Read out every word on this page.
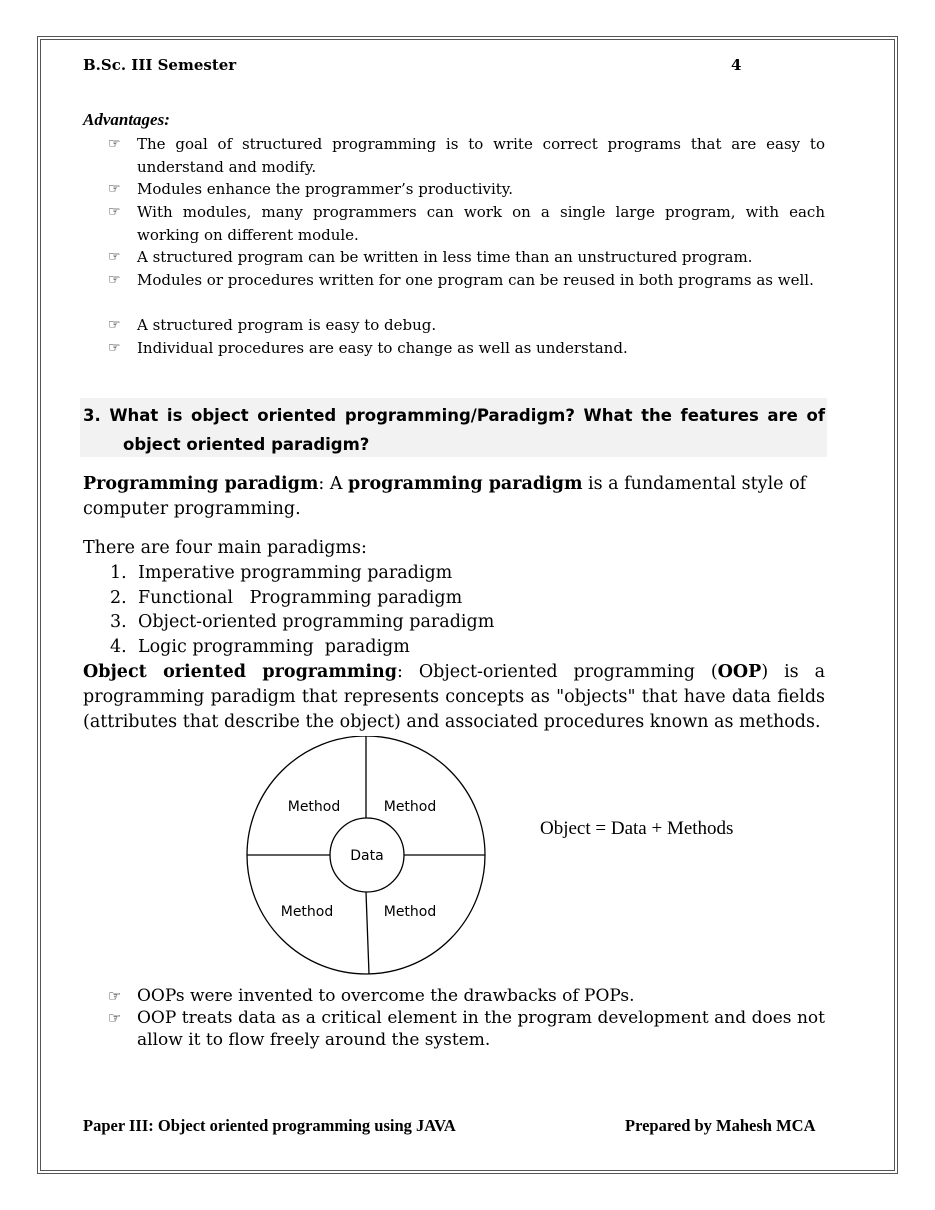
B.Sc. III Semester	4
Advantages:
☞ The goal of structured programming is to write correct programs that are easy to understand and modify.
☞ Modules enhance the programmer’s productivity.
☞ With modules, many programmers can work on a single large program, with each working on different module.
☞ A structured program can be written in less time than an unstructured program.
☞ Modules or procedures written for one program can be reused in both programs as well.
☞ A structured program is easy to debug.
☞ Individual procedures are easy to change as well as understand.
3. What is object oriented programming/Paradigm? What the features are of
object oriented paradigm?
Programming paradigm: A programming paradigm is a fundamental style of computer programming.
There are four main paradigms:
1. Imperative programming paradigm
2. Functional   Programming paradigm
3. Object-oriented programming paradigm
4. Logic programming  paradigm
Object oriented programming: Object-oriented programming (OOP) is a programming paradigm that represents concepts as "objects" that have data fields (attributes that describe the object) and associated procedures known as methods.
Data
Method	Method
Method	Method
Object = Data + Methods
☞ OOPs were invented to overcome the drawbacks of POPs.
☞ OOP treats data as a critical element in the program development and does not allow it to flow freely around the system.
Paper III: Object oriented programming using JAVA	Prepared by Mahesh MCA
